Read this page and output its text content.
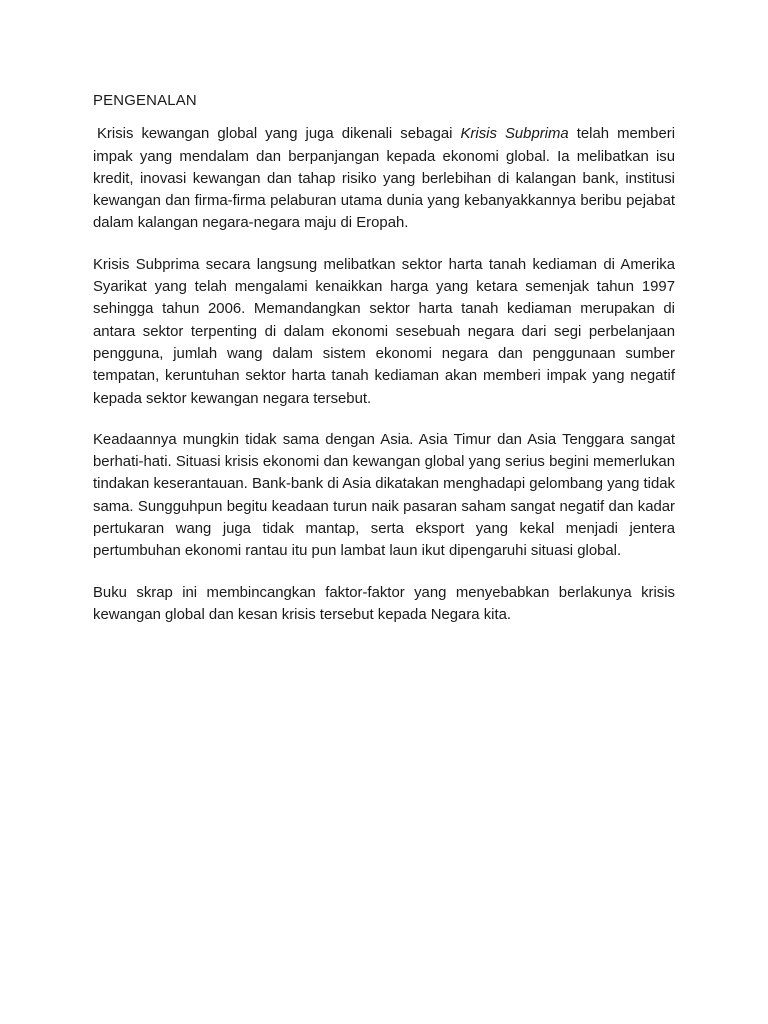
PENGENALAN

Krisis kewangan global yang juga dikenali sebagai Krisis Subprima telah memberi impak yang mendalam dan berpanjangan kepada ekonomi global. Ia melibatkan isu kredit, inovasi kewangan dan tahap risiko yang berlebihan di kalangan bank, institusi kewangan dan firma-firma pelaburan utama dunia yang kebanyakkannya beribu pejabat dalam kalangan negara-negara maju di Eropah.

Krisis Subprima secara langsung melibatkan sektor harta tanah kediaman di Amerika Syarikat yang telah mengalami kenaikkan harga yang ketara semenjak tahun 1997 sehingga tahun 2006. Memandangkan sektor harta tanah kediaman merupakan di antara sektor terpenting di dalam ekonomi sesebuah negara dari segi perbelanjaan pengguna, jumlah wang dalam sistem ekonomi negara dan penggunaan sumber tempatan, keruntuhan sektor harta tanah kediaman akan memberi impak yang negatif kepada sektor kewangan negara tersebut.

Keadaannya mungkin tidak sama dengan Asia. Asia Timur dan Asia Tenggara sangat berhati-hati. Situasi krisis ekonomi dan kewangan global yang serius begini memerlukan tindakan keserantauan. Bank-bank di Asia dikatakan menghadapi gelombang yang tidak sama. Sungguhpun begitu keadaan turun naik pasaran saham sangat negatif dan kadar pertukaran wang juga tidak mantap, serta eksport yang kekal menjadi jentera pertumbuhan ekonomi rantau itu pun lambat laun ikut dipengaruhi situasi global.

Buku skrap ini membincangkan faktor-faktor yang menyebabkan berlakunya krisis kewangan global dan kesan krisis tersebut kepada Negara kita.
